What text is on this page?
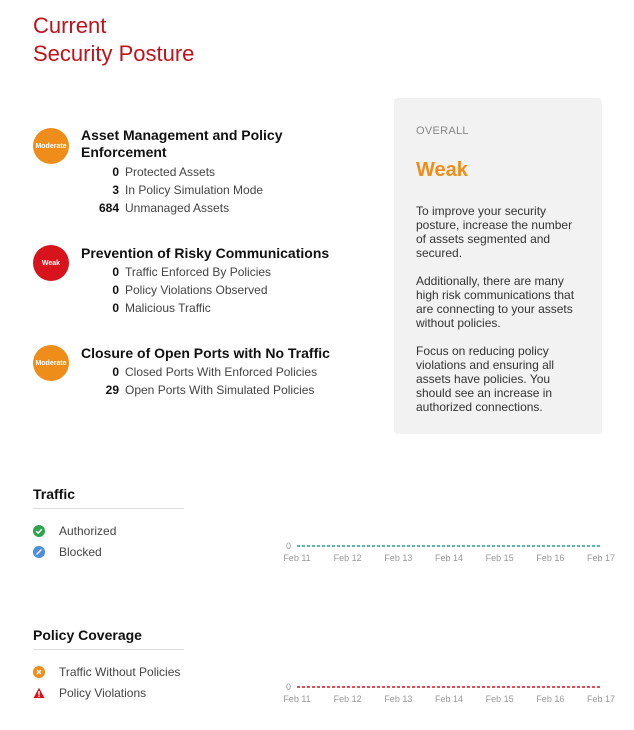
Current
Security Posture
Moderate
Asset Management and Policy Enforcement
0 Protected Assets
3 In Policy Simulation Mode
684 Unmanaged Assets
Weak
Prevention of Risky Communications
0 Traffic Enforced By Policies
0 Policy Violations Observed
0 Malicious Traffic
Moderate
Closure of Open Ports with No Traffic
0 Closed Ports With Enforced Policies
29 Open Ports With Simulated Policies
OVERALL
Weak

To improve your security posture, increase the number of assets segmented and secured.

Additionally, there are many high risk communications that are connecting to your assets without policies.

Focus on reducing policy violations and ensuring all assets have policies. You should see an increase in authorized connections.

Traffic
Authorized
Blocked	0
Feb 11	Feb 12	Feb 13	Feb 14	Feb 15	Feb 16	Feb 17
Policy Coverage
Traffic Without Policies
Policy Violations	0
Feb 11	Feb 12	Feb 13	Feb 14	Feb 15	Feb 16	Feb 17
